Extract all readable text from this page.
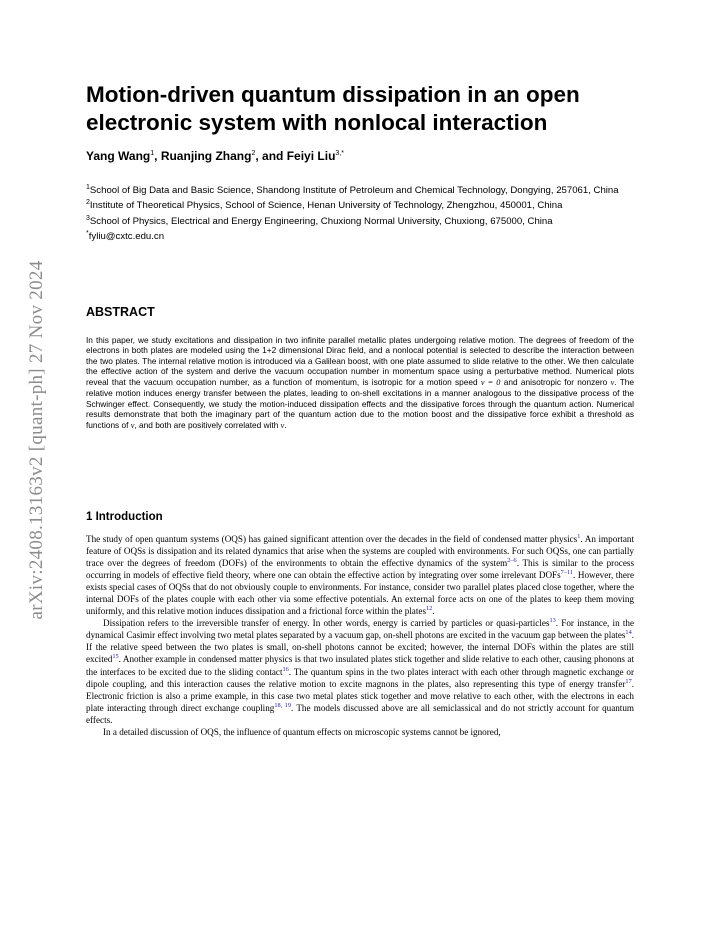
arXiv:2408.13163v2 [quant-ph] 27 Nov 2024
Motion-driven quantum dissipation in an open electronic system with nonlocal interaction

Yang Wang$^1$, Ruanjing Zhang$^2$, and Feiyi Liu$^{3,*}$

$^1$School of Big Data and Basic Science, Shandong Institute of Petroleum and Chemical Technology, Dongying, 257061, China

$^2$Institute of Theoretical Physics, School of Science, Henan University of Technology, Zhengzhou, 450001, China

$^3$School of Physics, Electrical and Energy Engineering, Chuxiong Normal University, Chuxiong, 675000, China

*fyliu@cxtc.edu.cn

ABSTRACT

In this paper, we study excitations and dissipation in two infinite parallel metallic plates undergoing relative motion. The degrees of freedom of the electrons in both plates are modeled using the 1+2 dimensional Dirac field, and a nonlocal potential is selected to describe the interaction between the two plates. The internal relative motion is introduced via a Galilean boost, with one plate assumed to slide relative to the other. We then calculate the effective action of the system and derive the vacuum occupation number in momentum space using a perturbative method. Numerical plots reveal that the vacuum occupation number, as a function of momentum, is isotropic for a motion speed v = 0 and anisotropic for nonzero v. The relative motion induces energy transfer between the plates, leading to on-shell excitations in a manner analogous to the dissipative process of the Schwinger effect. Consequently, we study the motion-induced dissipation effects and the dissipative forces through the quantum action. Numerical results demonstrate that both the imaginary part of the quantum action due to the motion boost and the dissipative force exhibit a threshold as functions of v, and both are positively correlated with v.

1 Introduction

The study of open quantum systems (OQS) has gained significant attention over the decades in the field of condensed matter physics$^1$. An important feature of OQSs is dissipation and its related dynamics that arise when the systems are coupled with environments. For such OQSs, one can partially trace over the degrees of freedom (DOFs) of the environments to obtain the effective dynamics of the system$^{2-6}$. This is similar to the process occurring in models of effective field theory, where one can obtain the effective action by integrating over some irrelevant DOFs$^{7-11}$. However, there exists special cases of OQSs that do not obviously couple to environments. For instance, consider two parallel plates placed close together, where the internal DOFs of the plates couple with each other via some effective potentials. An external force acts on one of the plates to keep them moving uniformly, and this relative motion induces dissipation and a frictional force within the plates$^{12}$.

Dissipation refers to the irreversible transfer of energy. In other words, energy is carried by particles or quasi-particles$^{13}$. For instance, in the dynamical Casimir effect involving two metal plates separated by a vacuum gap, on-shell photons are excited in the vacuum gap between the plates$^{14}$. If the relative speed between the two plates is small, on-shell photons cannot be excited; however, the internal DOFs within the plates are still excited$^{15}$. Another example in condensed matter physics is that two insulated plates stick together and slide relative to each other, causing phonons at the interfaces to be excited due to the sliding contact$^{16}$. The quantum spins in the two plates interact with each other through magnetic exchange or dipole coupling, and this interaction causes the relative motion to excite magnons in the plates, also representing this type of energy transfer$^{17}$. Electronic friction is also a prime example, in this case two metal plates stick together and move relative to each other, with the electrons in each plate interacting through direct exchange coupling$^{18, 19}$. The models discussed above are all semiclassical and do not strictly account for quantum effects.

In a detailed discussion of OQS, the influence of quantum effects on microscopic systems cannot be ignored,
